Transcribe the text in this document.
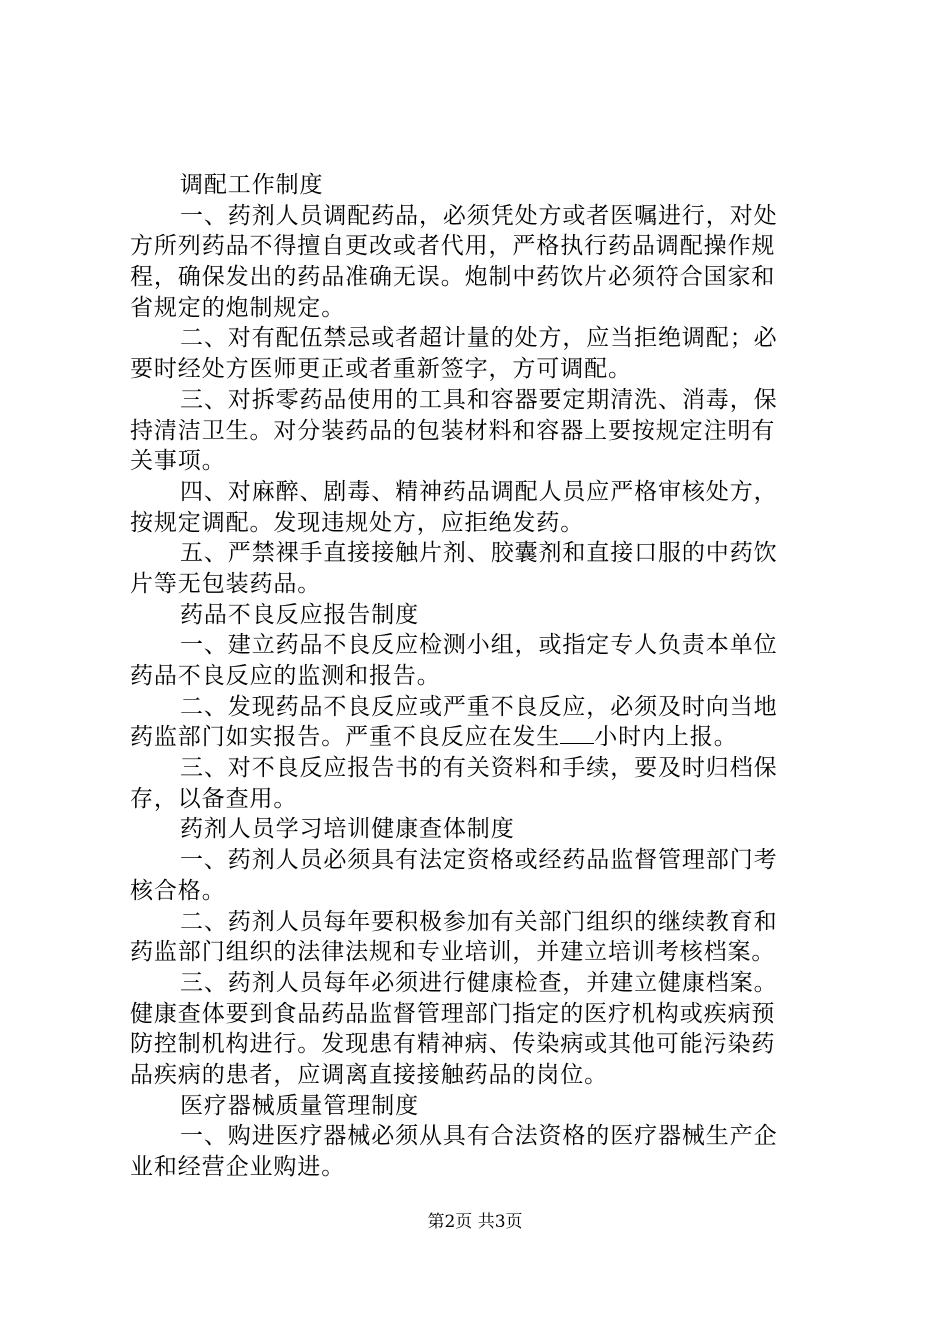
调配工作制度
一、药剂人员调配药品，必须凭处方或者医嘱进行，对处
方所列药品不得擅自更改或者代用，严格执行药品调配操作规
程，确保发出的药品准确无误。炮制中药饮片必须符合国家和
省规定的炮制规定。
二、对有配伍禁忌或者超计量的处方，应当拒绝调配；必
要时经处方医师更正或者重新签字，方可调配。
三、对拆零药品使用的工具和容器要定期清洗、消毒，保
持清洁卫生。对分装药品的包装材料和容器上要按规定注明有
关事项。
四、对麻醉、剧毒、精神药品调配人员应严格审核处方，
按规定调配。发现违规处方，应拒绝发药。
五、严禁裸手直接接触片剂、胶囊剂和直接口服的中药饮
片等无包装药品。
药品不良反应报告制度
一、建立药品不良反应检测小组，或指定专人负责本单位
药品不良反应的监测和报告。
二、发现药品不良反应或严重不良反应，必须及时向当地
药监部门如实报告。严重不良反应在发生 小时内上报。
三、对不良反应报告书的有关资料和手续，要及时归档保
存，以备查用。
药剂人员学习培训健康查体制度
一、药剂人员必须具有法定资格或经药品监督管理部门考
核合格。
二、药剂人员每年要积极参加有关部门组织的继续教育和
药监部门组织的法律法规和专业培训，并建立培训考核档案。
三、药剂人员每年必须进行健康检查，并建立健康档案。
健康查体要到食品药品监督管理部门指定的医疗机构或疾病预
防控制机构进行。发现患有精神病、传染病或其他可能污染药
品疾病的患者，应调离直接接触药品的岗位。
医疗器械质量管理制度
一、购进医疗器械必须从具有合法资格的医疗器械生产企
业和经营企业购进。
第2页 共3页
